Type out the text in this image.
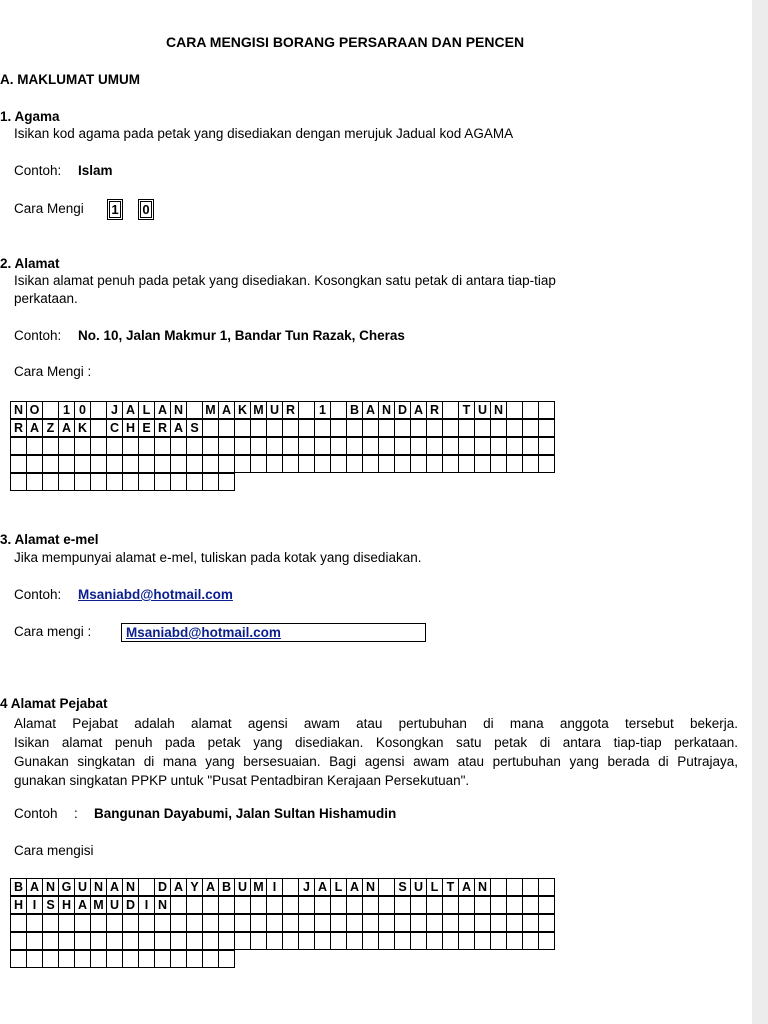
CARA MENGISI BORANG PERSARAAN DAN PENCEN
A. MAKLUMAT UMUM
1. Agama
Isikan kod agama pada petak yang disediakan dengan merujuk Jadual kod AGAMA
Contoh: Islam
Cara Mengi	1	0
2. Alamat
Isikan alamat penuh pada petak yang disediakan. Kosongkan satu petak di antara tiap-tiap
perkataan.
Contoh: No. 10, Jalan Makmur 1, Bandar Tun Razak, Cheras
Cara Mengi :
N O	1 0	J A L A N	M A K M U R	1	B A N D A R	T U N
R A Z A K	C H E R A S
3. Alamat e-mel
Jika mempunyai alamat e-mel, tuliskan pada kotak yang disediakan.
Contoh: Msaniabd@hotmail.com
Cara mengi :	Msaniabd@hotmail.com
4 Alamat Pejabat
Alamat Pejabat adalah alamat agensi awam atau pertubuhan di mana anggota tersebut bekerja.
Isikan alamat penuh pada petak yang disediakan. Kosongkan satu petak di antara tiap-tiap perkataan.
Gunakan singkatan di mana yang bersesuaian. Bagi agensi awam atau pertubuhan yang berada di Putrajaya,
gunakan singkatan PPKP untuk "Pusat Pentadbiran Kerajaan Persekutuan".
Contoh : Bangunan Dayabumi, Jalan Sultan Hishamudin
Cara mengisi
B A N G U N A N	D A Y A B U M I	J A L A N	S U L T A N
H I S H A M U D I N
